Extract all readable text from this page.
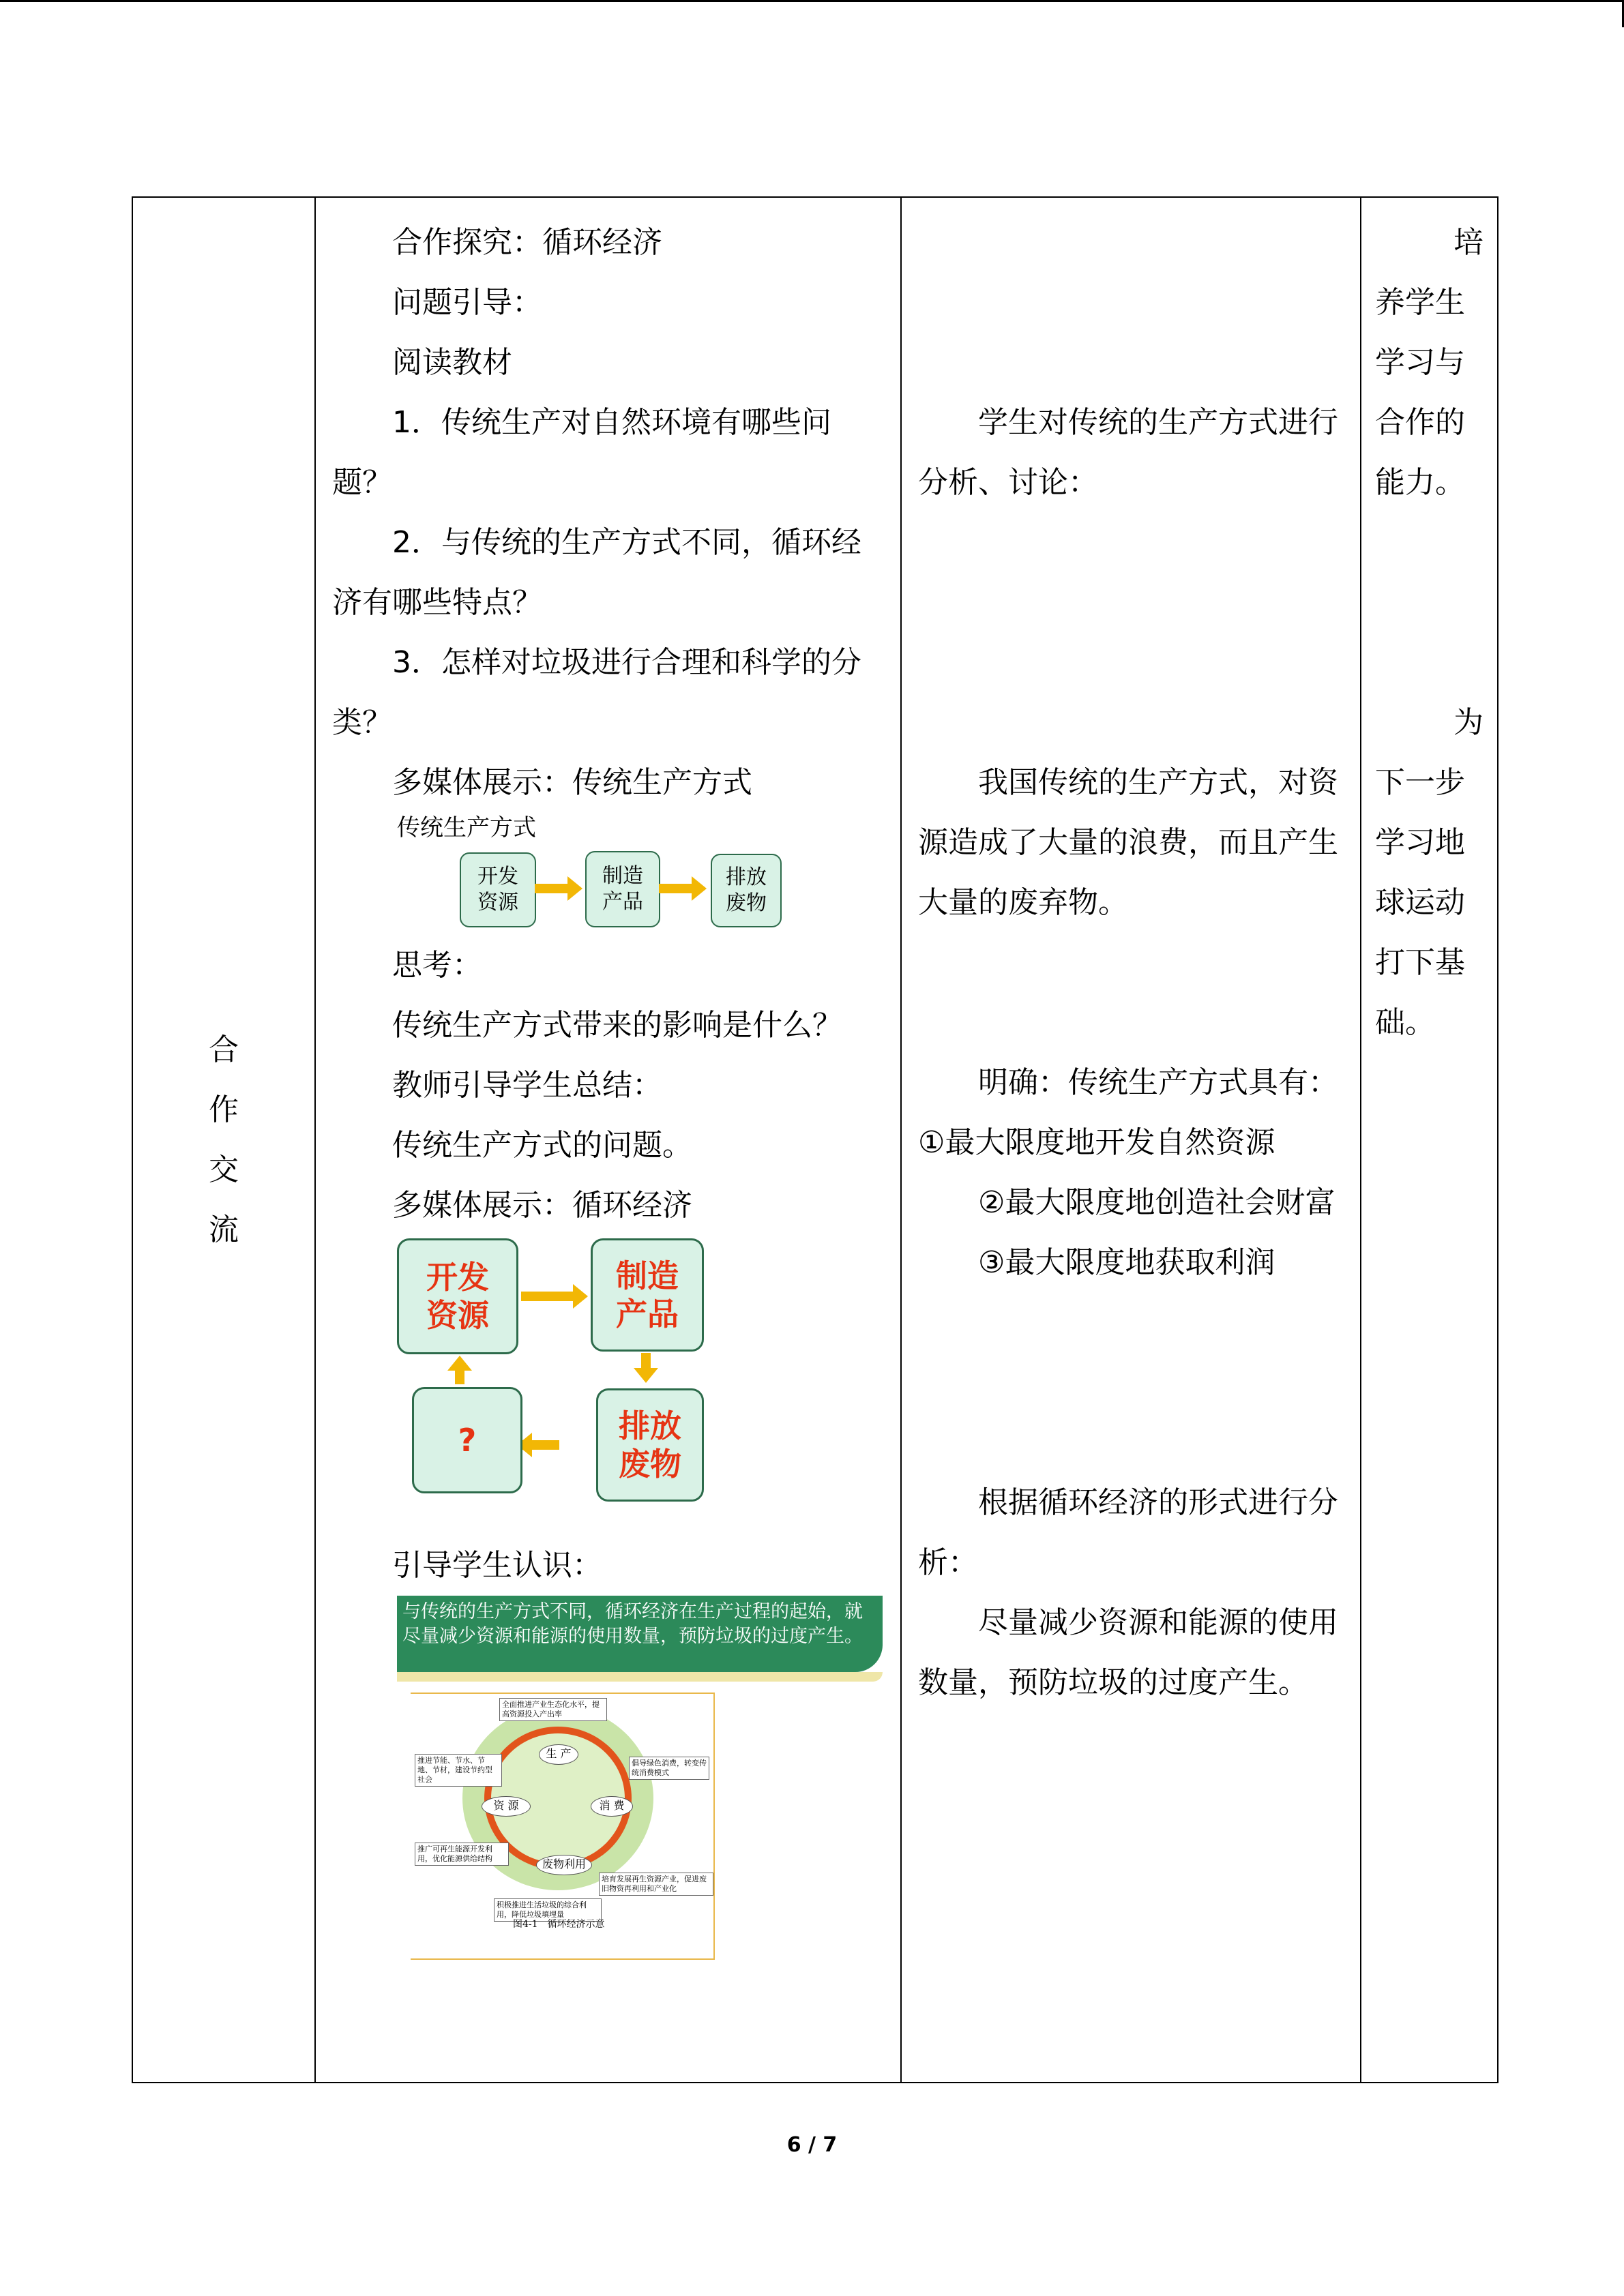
合
作
交
流

合作探究：循环经济

问题引导：

阅读教材

1．传统生产对自然环境有哪些问题？

2．与传统的生产方式不同，循环经济有哪些特点？

3．怎样对垃圾进行合理和科学的分类？

多媒体展示：传统生产方式

传统生产方式
开发
资源
制造
产品
排放
废物

思考：

传统生产方式带来的影响是什么？

教师引导学生总结：

传统生产方式的问题。

多媒体展示：循环经济

开发
资源
制造
产品
排放
废物
?

引导学生认识：

与传统的生产方式不同，循环经济在生产过程的起始，就尽量减少资源和能源的使用数量，预防垃圾的过度产生。
生 产
资 源	消 费
废物利用
全面推进产业生态化水平，提高资源投入产出率
推进节能、节水、节地、节材，建设节约型社会
倡导绿色消费，转变传统消费模式
推广可再生能源开发利用，优化能源供给结构
培育发展再生资源产业，促进废旧物资再利用和产业化
积极推进生活垃圾的综合利用，降低垃圾填埋量
图4-1　循环经济示意

学生对传统的生产方式进行分析、讨论：

我国传统的生产方式，对资源造成了大量的浪费，而且产生大量的废弃物。

明确：传统生产方式具有：①最大限度地开发自然资源

②最大限度地创造社会财富

③最大限度地获取利润

根据循环经济的形式进行分析：

尽量减少资源和能源的使用数量，预防垃圾的过度产生。

培

养学生学习与合作的能力。

为

下一步学习地球运动打下基础。

6 / 7
